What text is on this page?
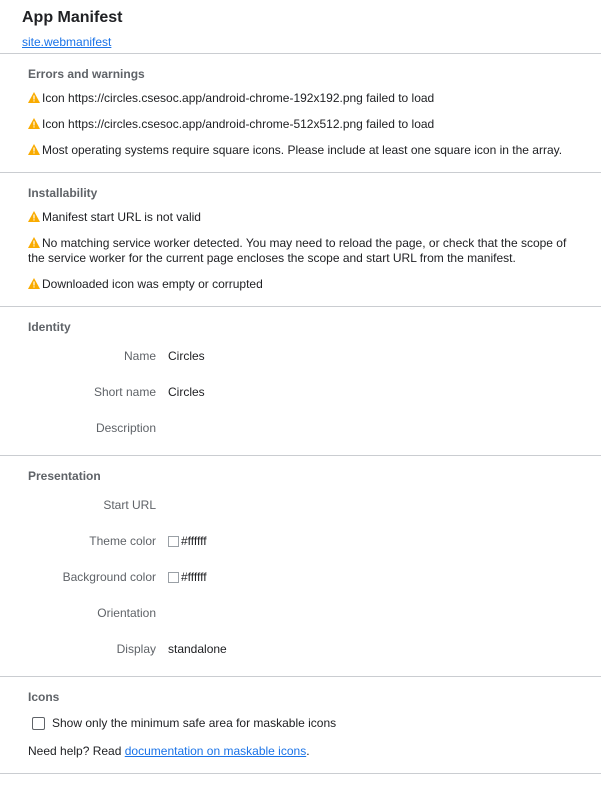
App Manifest
site.webmanifest
Errors and warnings
Icon https://circles.csesoc.app/android-chrome-192x192.png failed to load
Icon https://circles.csesoc.app/android-chrome-512x512.png failed to load
Most operating systems require square icons. Please include at least one square icon in the array.
Installability
Manifest start URL is not valid
No matching service worker detected. You may need to reload the page, or check that the scope of the service worker for the current page encloses the scope and start URL from the manifest.
Downloaded icon was empty or corrupted
Identity
Name	Circles
Short name	Circles
Description
Presentation
Start URL
Theme color	#ffffff
Background color	#ffffff
Orientation
Display	standalone
Icons
Show only the minimum safe area for maskable icons
Need help? Read documentation on maskable icons.
